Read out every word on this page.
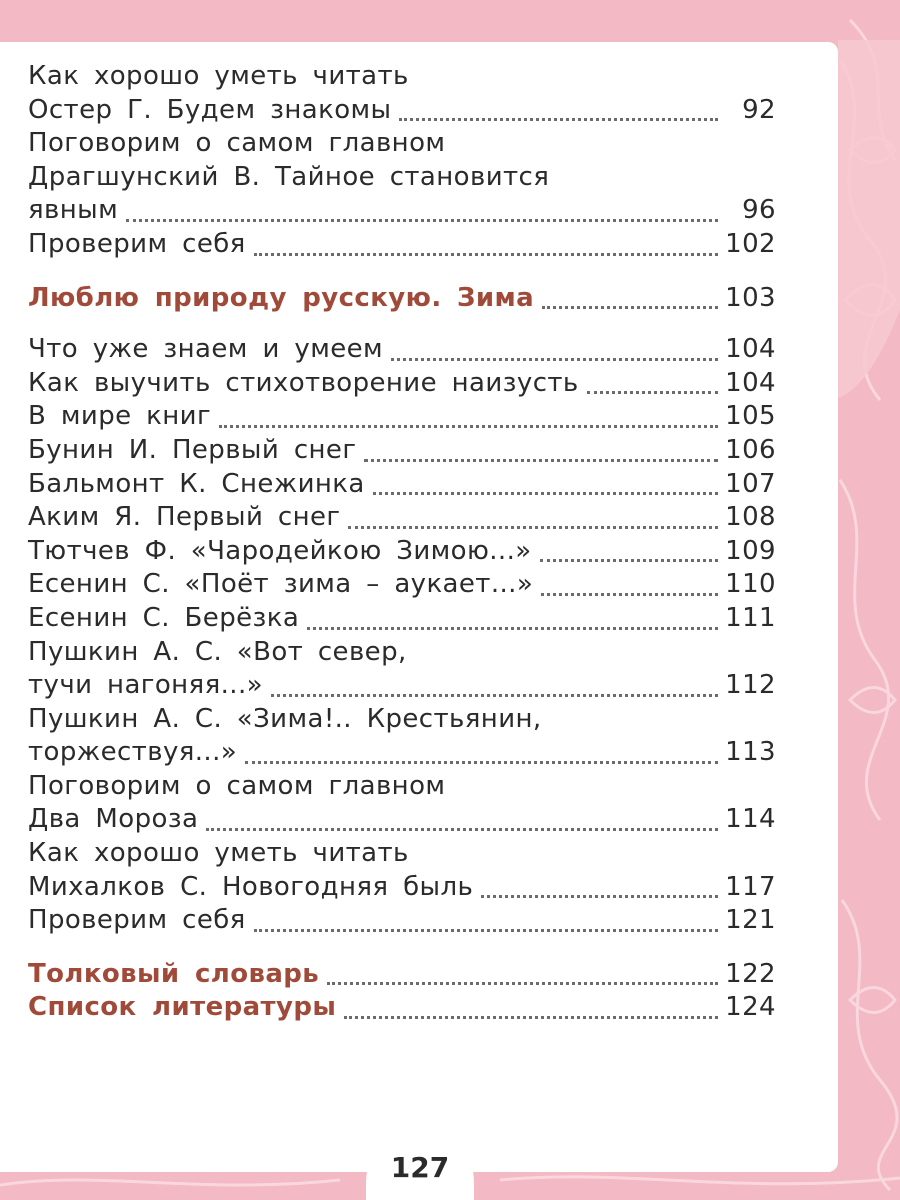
Как хорошо уметь читать
Остер Г. Будем знакомы	92
Поговорим о самом главном
Драгшунский В. Тайное становится
явным	96
Проверим себя	102
Люблю природу русскую. Зима	103
Что уже знаем и умеем	104
Как выучить стихотворение наизусть	104
В мире книг	105
Бунин И. Первый снег	106
Бальмонт К. Снежинка	107
Аким Я. Первый снег	108
Тютчев Ф. «Чародейкою Зимою...»	109
Есенин С. «Поёт зима – аукает...»	110
Есенин С. Берёзка	111
Пушкин А. С. «Вот север,
тучи нагоняя...»	112
Пушкин А. С. «Зима!.. Крестьянин,
торжествуя...»	113
Поговорим о самом главном
Два Мороза	114
Как хорошо уметь читать
Михалков С. Новогодняя быль	117
Проверим себя	121
Толковый словарь	122
Список литературы	124
127
